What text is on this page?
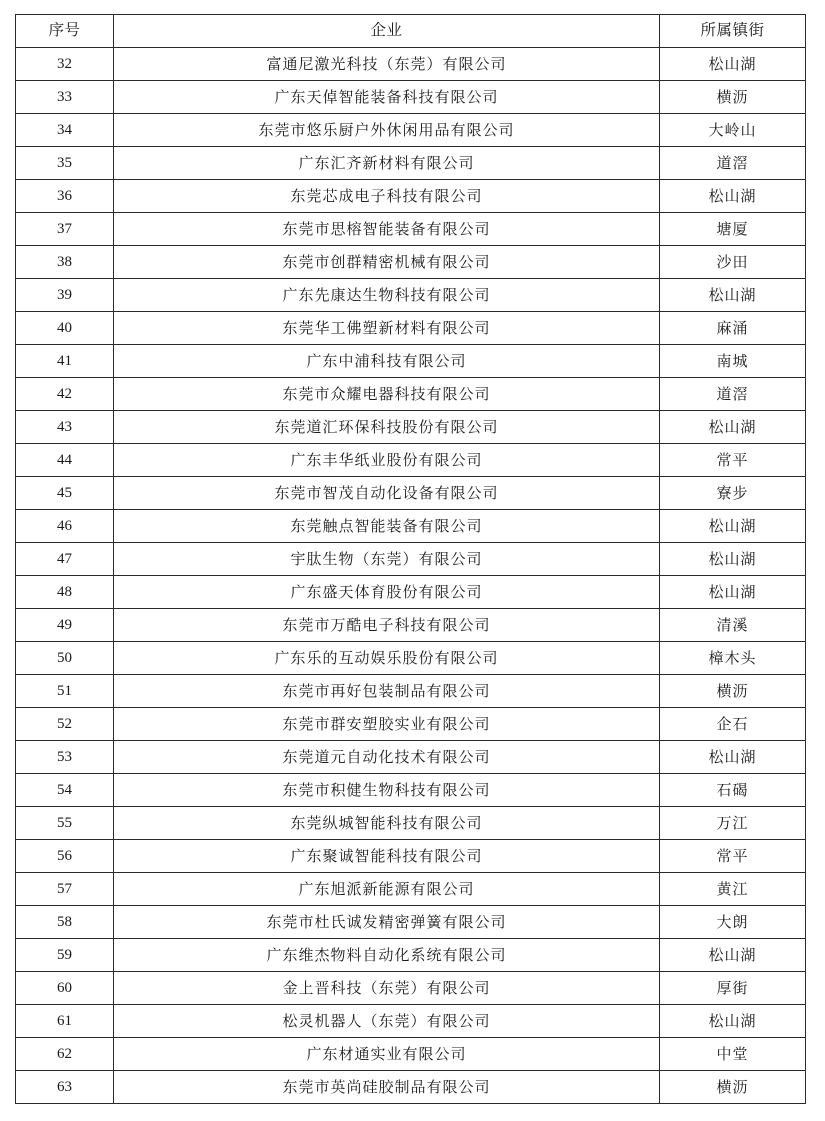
序号	企业	所属镇街
32	富通尼激光科技（东莞）有限公司	松山湖
33	广东天倬智能装备科技有限公司	横沥
34	东莞市悠乐厨户外休闲用品有限公司	大岭山
35	广东汇齐新材料有限公司	道滘
36	东莞芯成电子科技有限公司	松山湖
37	东莞市思榕智能装备有限公司	塘厦
38	东莞市创群精密机械有限公司	沙田
39	广东先康达生物科技有限公司	松山湖
40	东莞华工佛塑新材料有限公司	麻涌
41	广东中浦科技有限公司	南城
42	东莞市众耀电器科技有限公司	道滘
43	东莞道汇环保科技股份有限公司	松山湖
44	广东丰华纸业股份有限公司	常平
45	东莞市智茂自动化设备有限公司	寮步
46	东莞触点智能装备有限公司	松山湖
47	宇肽生物（东莞）有限公司	松山湖
48	广东盛天体育股份有限公司	松山湖
49	东莞市万酷电子科技有限公司	清溪
50	广东乐的互动娱乐股份有限公司	樟木头
51	东莞市再好包装制品有限公司	横沥
52	东莞市群安塑胶实业有限公司	企石
53	东莞道元自动化技术有限公司	松山湖
54	东莞市积健生物科技有限公司	石碣
55	东莞纵城智能科技有限公司	万江
56	广东聚诚智能科技有限公司	常平
57	广东旭派新能源有限公司	黄江
58	东莞市杜氏诚发精密弹簧有限公司	大朗
59	广东维杰物料自动化系统有限公司	松山湖
60	金上晋科技（东莞）有限公司	厚街
61	松灵机器人（东莞）有限公司	松山湖
62	广东材通实业有限公司	中堂
63	东莞市英尚硅胶制品有限公司	横沥
